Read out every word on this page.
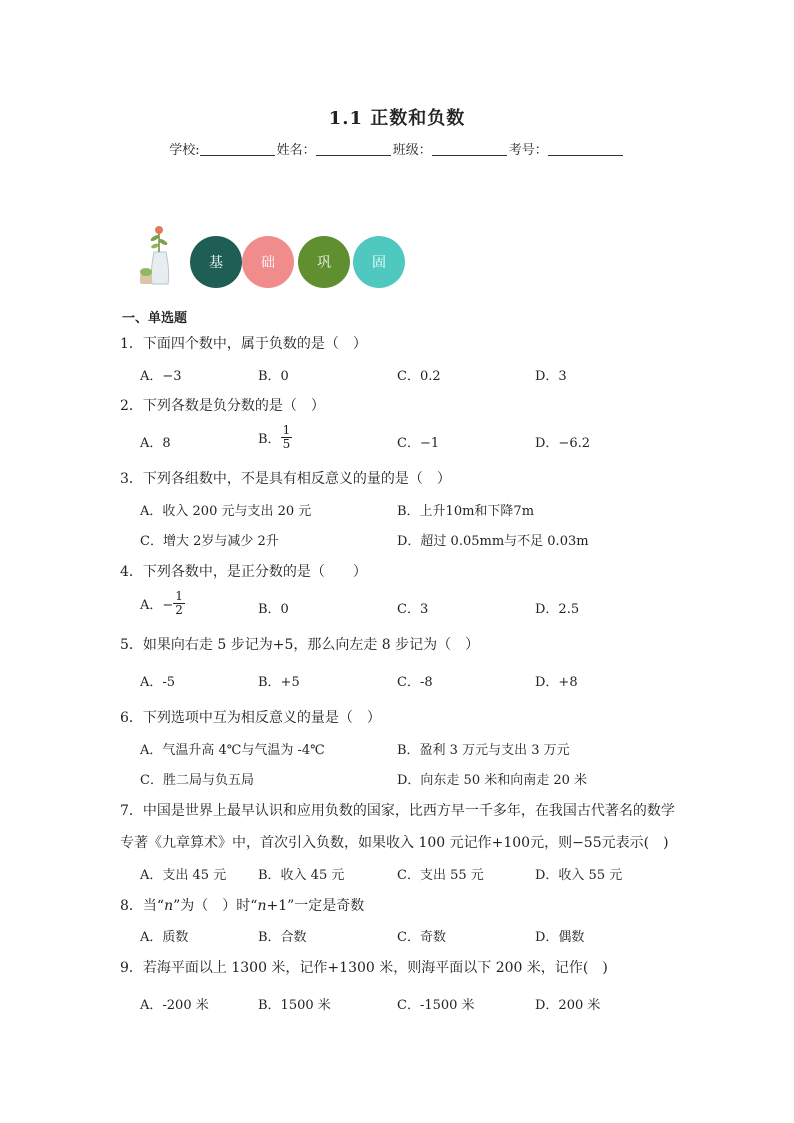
1.1 正数和负数
学校:	姓名：	班级：	考号：
基	础	巩	固
一、单选题
1．下面四个数中，属于负数的是（　）
A．−3	B．0	C．0.2	D．3
2．下列各数是负分数的是（　）
A．8	B． $\frac{1}{5}$	C．−1	D．−6.2
3．下列各组数中，不是具有相反意义的量的是（　）
A．收入 200 元与支出 20 元	B．上升10m和下降7m
C．增大 2岁与减少 2升	D．超过 0.05mm与不足 0.03m
4．下列各数中，是正分数的是（　　）
A．− $\frac{1}{2}$	B．0	C．3	D．2.5
5．如果向右走 5 步记为+5，那么向左走 8 步记为（　）
A．-5	B．+5	C．-8	D．+8
6．下列选项中互为相反意义的量是（　）
A．气温升高 4℃与气温为 -4℃	B．盈利 3 万元与支出 3 万元
C．胜二局与负五局	D．向东走 50 米和向南走 20 米
7．中国是世界上最早认识和应用负数的国家，比西方早一千多年，在我国古代著名的数学
专著《九章算术》中，首次引入负数，如果收入 100 元记作+100元，则−55元表示(　)
A．支出 45 元 B．收入 45 元	C．支出 55 元	D．收入 55 元
8．当“n”为（　）时“n+1”一定是奇数
A．质数	B．合数	C．奇数	D．偶数
9．若海平面以上 1300 米，记作+1300 米，则海平面以下 200 米，记作(　)
A．-200 米	B．1500 米	C．-1500 米	D．200 米
